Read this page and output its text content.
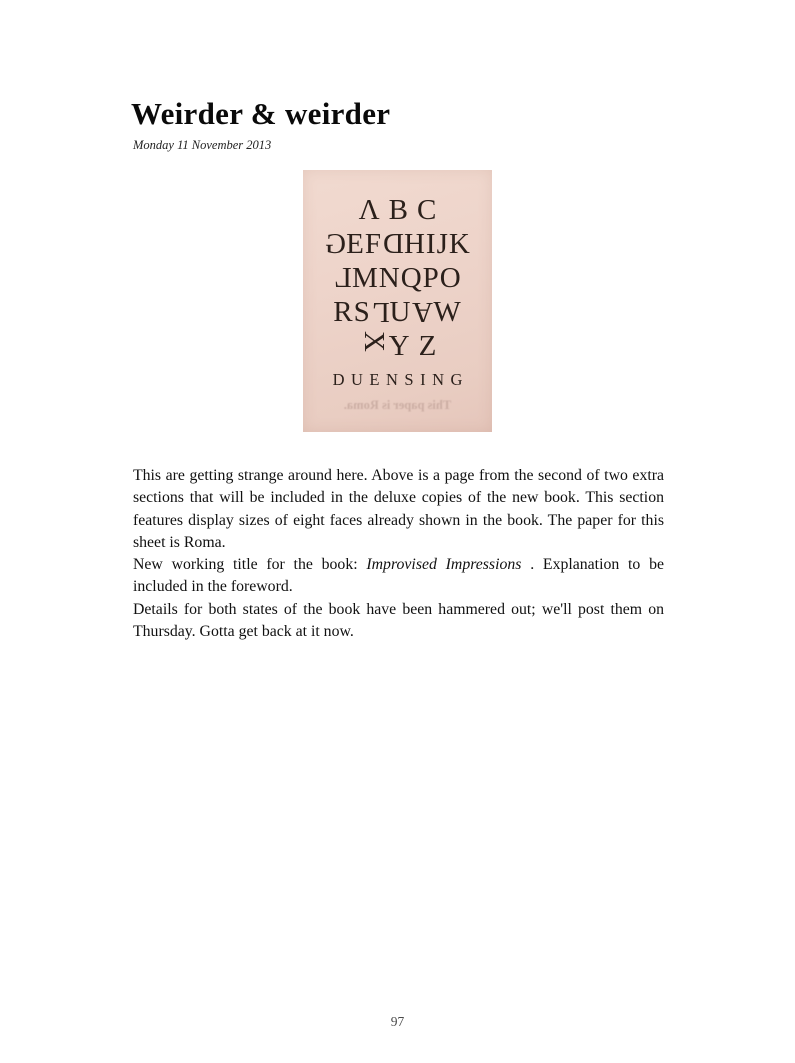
Weirder & weirder
Monday 11 November 2013
ΛBC
GEFDHIJK
LMNQPO
RSLUAW
XYZ
DUENSING
This paper is Roma.

This are getting strange around here. Above is a page from the second of two extra sections that will be included in the deluxe copies of the new book. This section features display sizes of eight faces already shown in the book. The paper for this sheet is Roma.

New working title for the book: Improvised Impressions . Explanation to be included in the foreword.

Details for both states of the book have been hammered out; we'll post them on Thursday. Gotta get back at it now.

97
